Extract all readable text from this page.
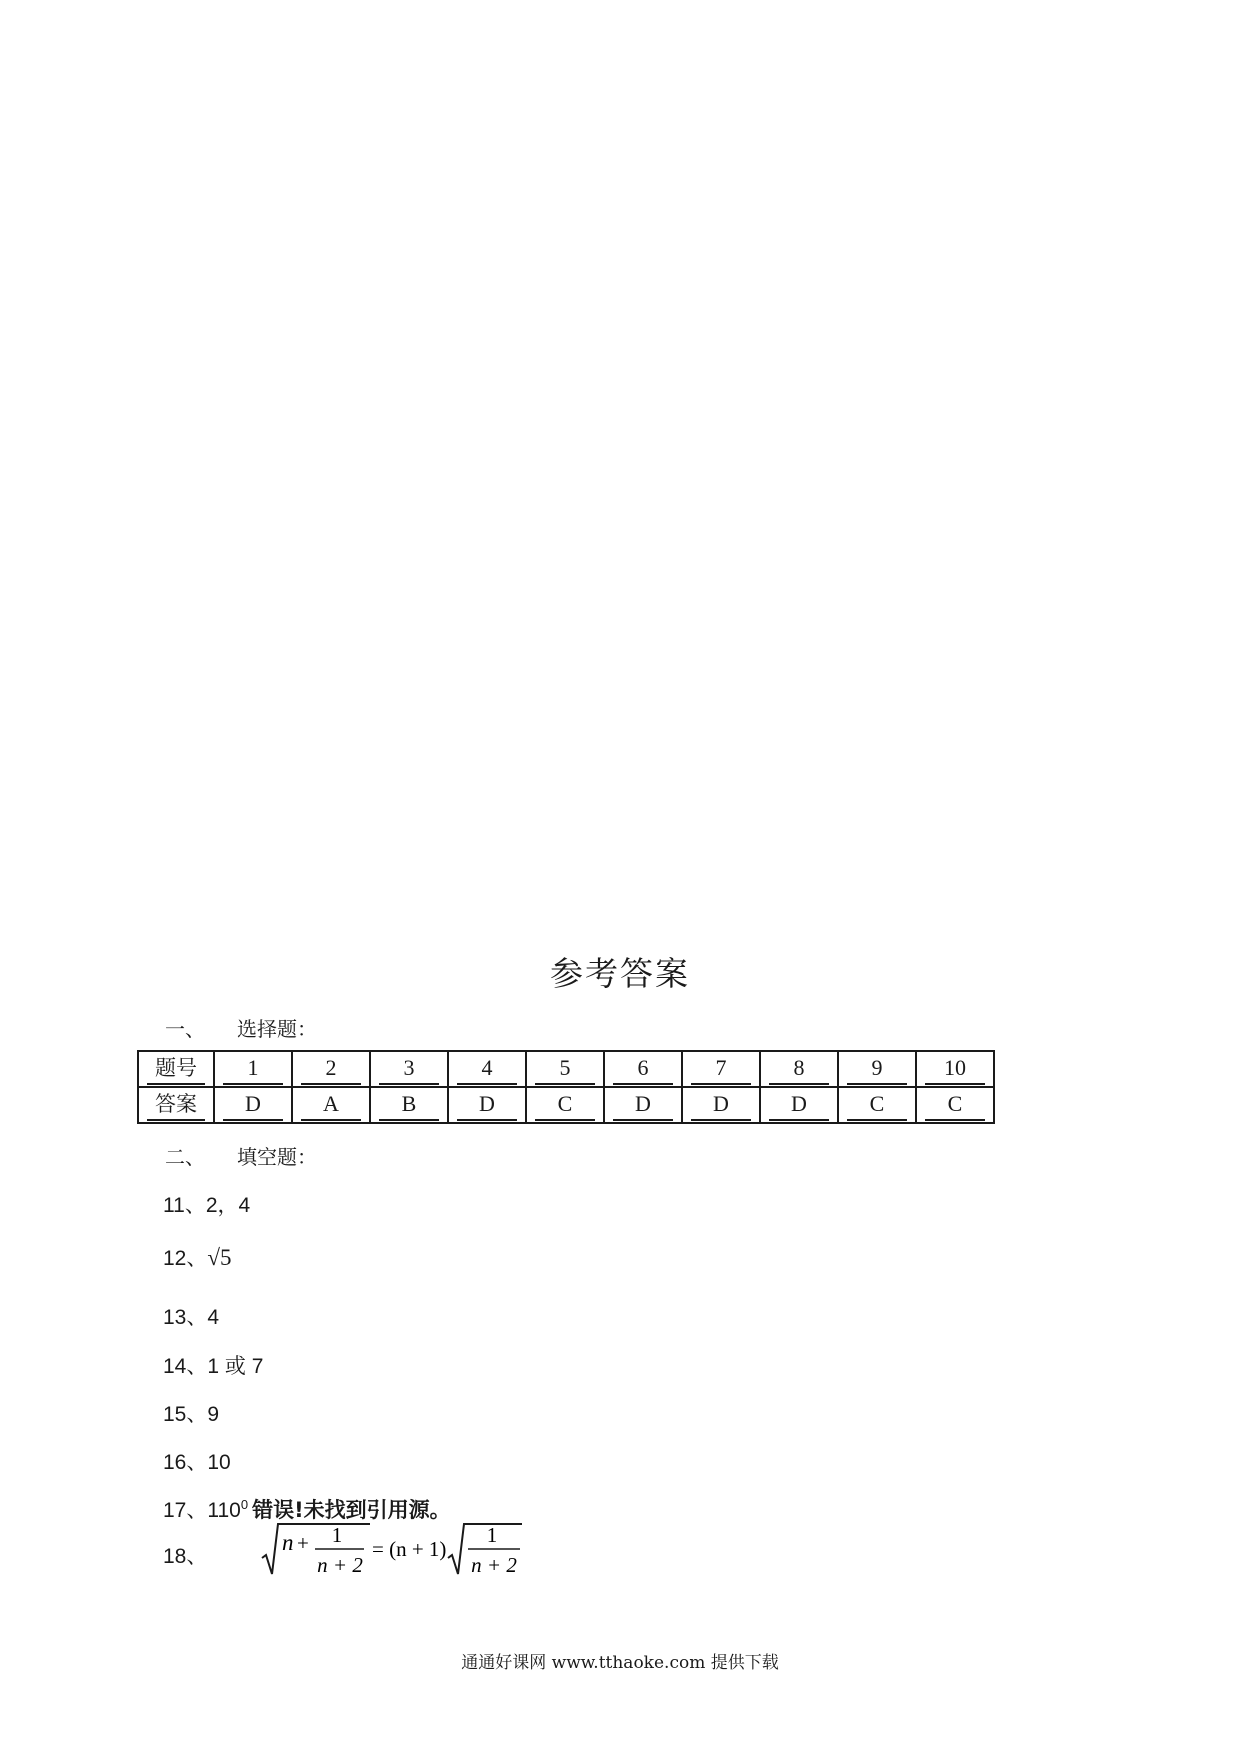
参考答案
一、 选择题：
题号	1	2	3	4	5	6	7	8	9	10
答案	D	A	B	D	C	D	D	D	C	C
二、 填空题：
11、2，4
12、√5
13、4
14、1 或 7
15、9
16、10
17、$110^0$ 错误!未找到引用源。
18、
n + 1
n + 2
= (n + 1)
1
n + 2
通通好课网 www.tthaoke.com 提供下载
